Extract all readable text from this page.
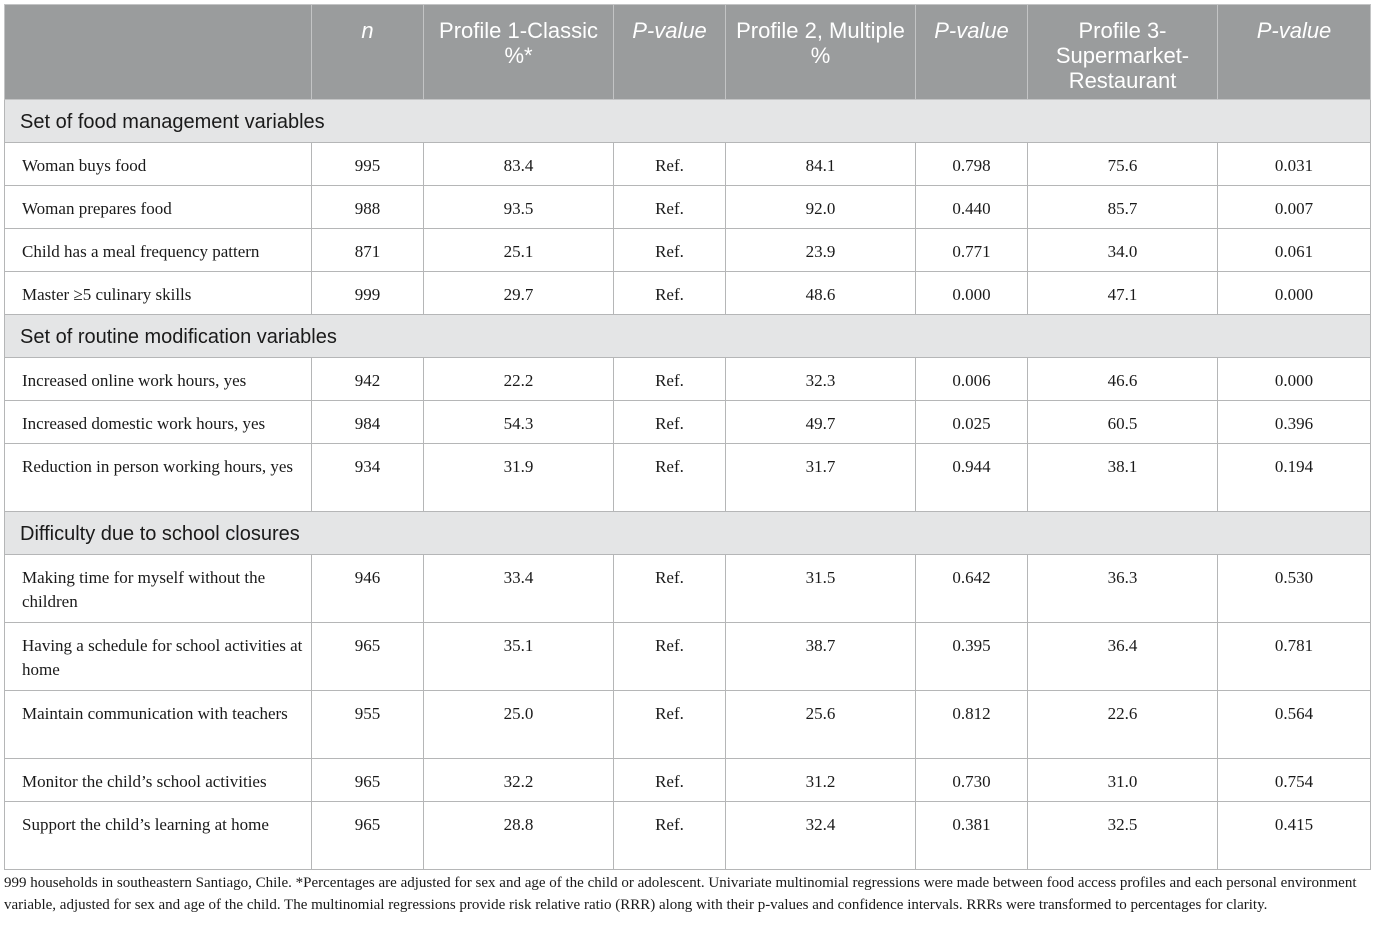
	n	Profile 1-Classic %*	P-value	Profile 2, Multiple %	P-value	Profile 3-Supermarket-Restaurant	P-value
Set of food management variables							
Woman buys food	995	83.4	Ref.	84.1	0.798	75.6	0.031
Woman prepares food	988	93.5	Ref.	92.0	0.440	85.7	0.007
Child has a meal frequency pattern	871	25.1	Ref.	23.9	0.771	34.0	0.061
Master ≥5 culinary skills	999	29.7	Ref.	48.6	0.000	47.1	0.000
Set of routine modification variables							
Increased online work hours, yes	942	22.2	Ref.	32.3	0.006	46.6	0.000
Increased domestic work hours, yes	984	54.3	Ref.	49.7	0.025	60.5	0.396
Reduction in person working hours, yes	934	31.9	Ref.	31.7	0.944	38.1	0.194
Difficulty due to school closures							
Making time for myself without the children	946	33.4	Ref.	31.5	0.642	36.3	0.530
Having a schedule for school activities at home	965	35.1	Ref.	38.7	0.395	36.4	0.781
Maintain communication with teachers	955	25.0	Ref.	25.6	0.812	22.6	0.564
Monitor the child’s school activities	965	32.2	Ref.	31.2	0.730	31.0	0.754
Support the child’s learning at home	965	28.8	Ref.	32.4	0.381	32.5	0.415
999 households in southeastern Santiago, Chile. *Percentages are adjusted for sex and age of the child or adolescent. Univariate multinomial regressions were made between food access profiles and each personal environment variable, adjusted for sex and age of the child. The multinomial regressions provide risk relative ratio (RRR) along with their p-values and confidence intervals. RRRs were transformed to percentages for clarity.
